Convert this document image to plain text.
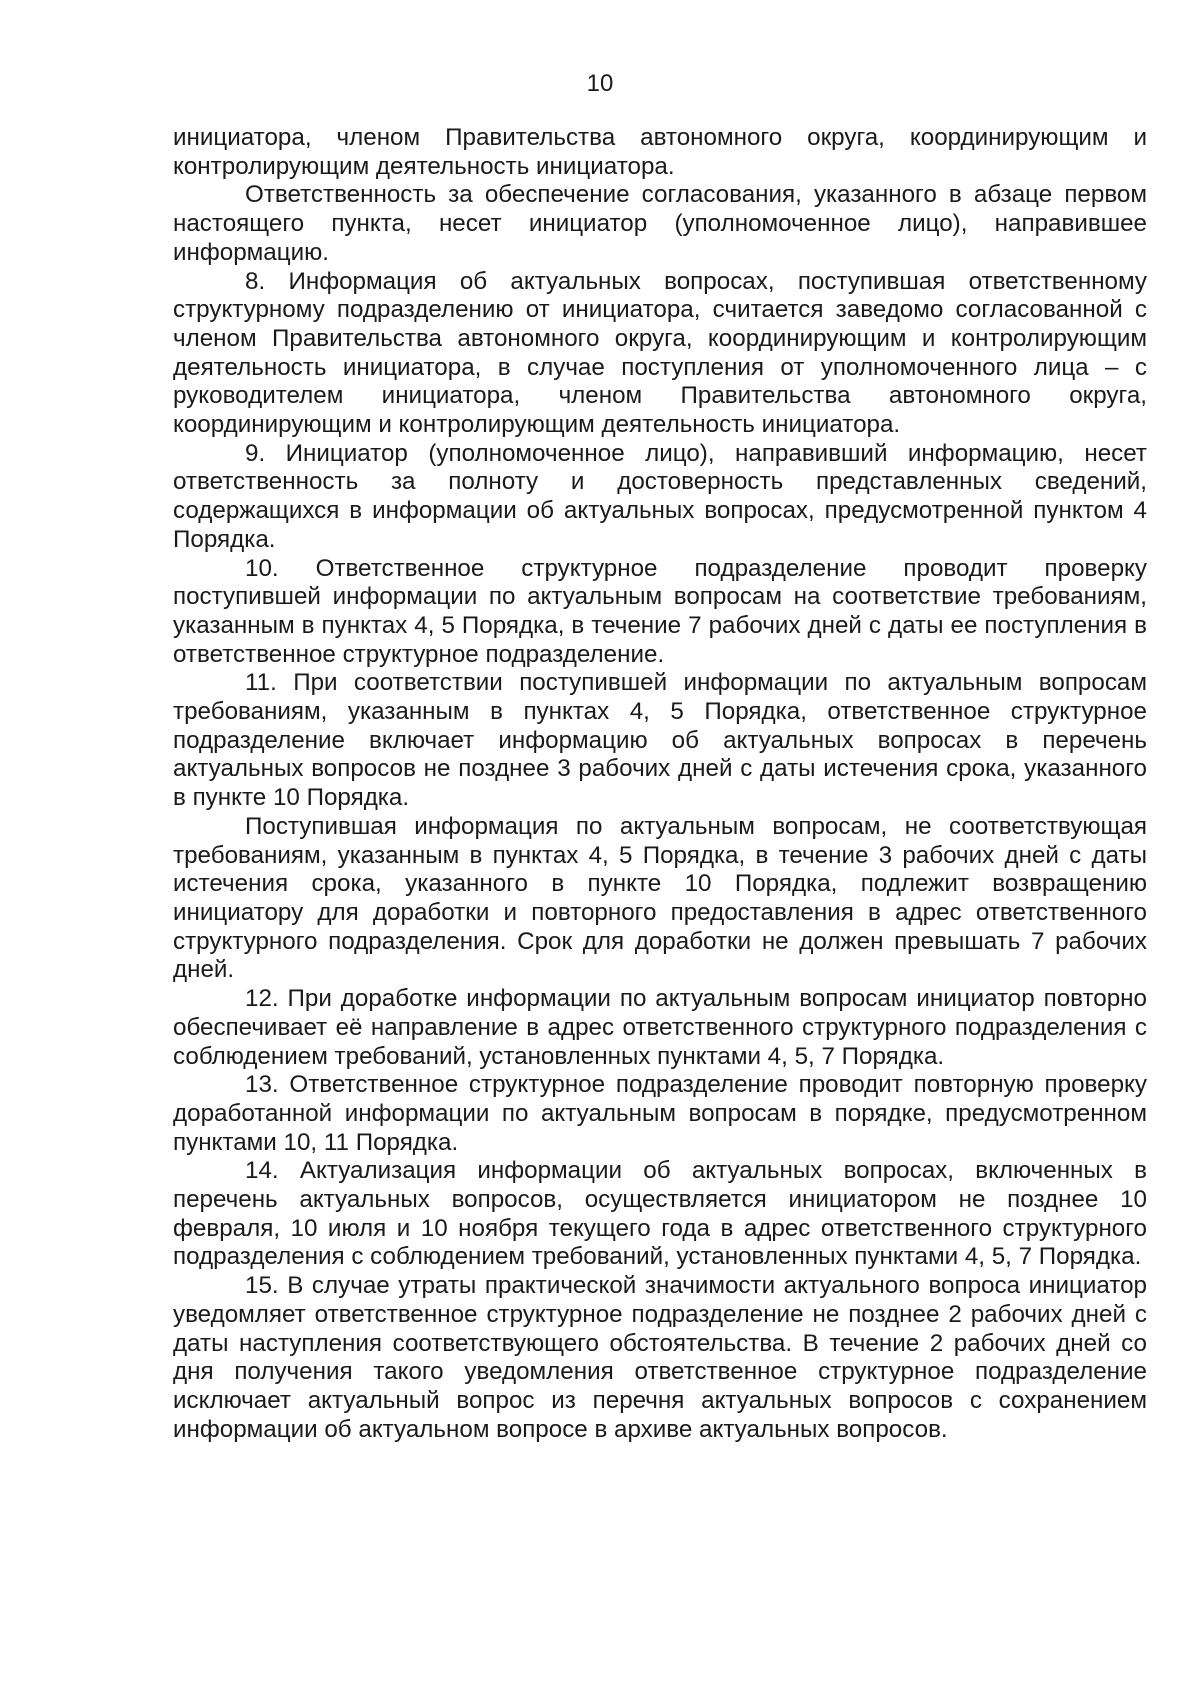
10

инициатора, членом Правительства автономного округа, координирующим и контролирующим деятельность инициатора.

Ответственность за обеспечение согласования, указанного в абзаце первом настоящего пункта, несет инициатор (уполномоченное лицо), направившее информацию.

8. Информация об актуальных вопросах, поступившая ответственному структурному подразделению от инициатора, считается заведомо согласованной с членом Правительства автономного округа, координирующим и контролирующим деятельность инициатора, в случае поступления от уполномоченного лица – с руководителем инициатора, членом Правительства автономного округа, координирующим и контролирующим деятельность инициатора.

9. Инициатор (уполномоченное лицо), направивший информацию, несет ответственность за полноту и достоверность представленных сведений, содержащихся в информации об актуальных вопросах, предусмотренной пунктом 4 Порядка.

10. Ответственное структурное подразделение проводит проверку поступившей информации по актуальным вопросам на соответствие требованиям, указанным в пунктах 4, 5 Порядка, в течение 7 рабочих дней с даты ее поступления в ответственное структурное подразделение.

11. При соответствии поступившей информации по актуальным вопросам требованиям, указанным в пунктах 4, 5 Порядка, ответственное структурное подразделение включает информацию об актуальных вопросах в перечень актуальных вопросов не позднее 3 рабочих дней с даты истечения срока, указанного в пункте 10 Порядка.

Поступившая информация по актуальным вопросам, не соответствующая требованиям, указанным в пунктах 4, 5 Порядка, в течение 3 рабочих дней с даты истечения срока, указанного в пункте 10 Порядка, подлежит возвращению инициатору для доработки и повторного предоставления в адрес ответственного структурного подразделения. Срок для доработки не должен превышать 7 рабочих дней.

12. При доработке информации по актуальным вопросам инициатор повторно обеспечивает её направление в адрес ответственного структурного подразделения с соблюдением требований, установленных пунктами 4, 5, 7 Порядка.

13. Ответственное структурное подразделение проводит повторную проверку доработанной информации по актуальным вопросам в порядке, предусмотренном пунктами 10, 11 Порядка.

14. Актуализация информации об актуальных вопросах, включенных в перечень актуальных вопросов, осуществляется инициатором не позднее 10 февраля, 10 июля и 10 ноября текущего года в адрес ответственного структурного подразделения с соблюдением требований, установленных пунктами 4, 5, 7 Порядка.

15. В случае утраты практической значимости актуального вопроса инициатор уведомляет ответственное структурное подразделение не позднее 2 рабочих дней с даты наступления соответствующего обстоятельства. В течение 2 рабочих дней со дня получения такого уведомления ответственное структурное подразделение исключает актуальный вопрос из перечня актуальных вопросов с сохранением информации об актуальном вопросе в архиве актуальных вопросов.
